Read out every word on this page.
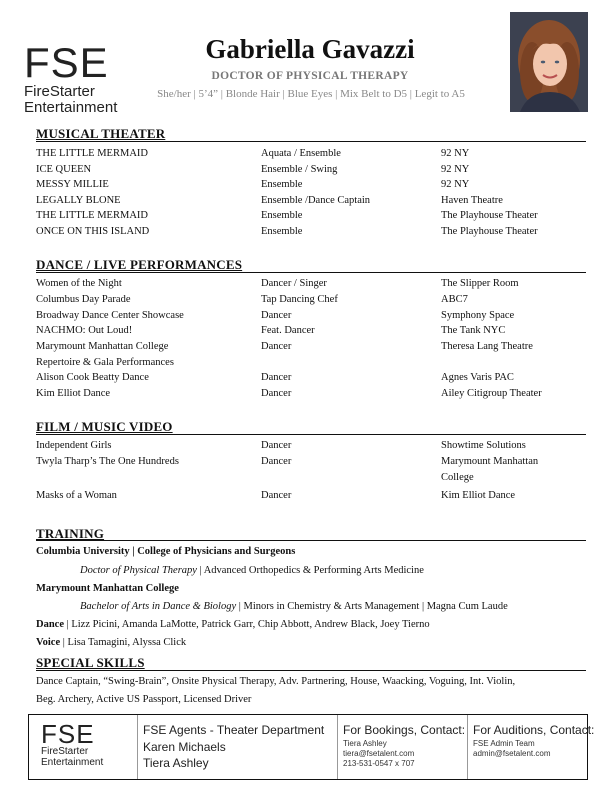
FSE
FireStarter
Entertainment
Gabriella Gavazzi
DOCTOR OF PHYSICAL THERAPY
She/her | 5’4” | Blonde Hair | Blue Eyes | Mix Belt to D5 | Legit to A5
MUSICAL THEATER
THE LITTLE MERMAID	Aquata / Ensemble	92 NY
ICE QUEEN	Ensemble / Swing	92 NY
MESSY MILLIE	Ensemble	92 NY
LEGALLY BLONE	Ensemble /Dance Captain	Haven Theatre
THE LITTLE MERMAID	Ensemble	The Playhouse Theater
ONCE ON THIS ISLAND	Ensemble	The Playhouse Theater
DANCE / LIVE PERFORMANCES
Women of the Night	Dancer / Singer	The Slipper Room
Columbus Day Parade	Tap Dancing Chef	ABC7
Broadway Dance Center Showcase	Dancer	Symphony Space
NACHMO: Out Loud!	Feat. Dancer	The Tank NYC
Marymount Manhattan College	Dancer	Theresa Lang Theatre
Repertoire & Gala Performances
Alison Cook Beatty Dance	Dancer	Agnes Varis PAC
Kim Elliot Dance	Dancer	Ailey Citigroup Theater
FILM / MUSIC VIDEO
Independent Girls	Dancer	Showtime Solutions
Twyla Tharp’s The One Hundreds	Dancer	Marymount Manhattan
College
Masks of a Woman	Dancer	Kim Elliot Dance
TRAINING
Columbia University | College of Physicians and Surgeons
Doctor of Physical Therapy | Advanced Orthopedics & Performing Arts Medicine
Marymount Manhattan College
Bachelor of Arts in Dance & Biology | Minors in Chemistry & Arts Management | Magna Cum Laude
Dance | Lizz Picini, Amanda LaMotte, Patrick Garr, Chip Abbott, Andrew Black, Joey Tierno
Voice | Lisa Tamagini, Alyssa Click
SPECIAL SKILLS
Dance Captain, “Swing-Brain”, Onsite Physical Therapy, Adv. Partnering, House, Waacking, Voguing, Int. Violin,
Beg. Archery, Active US Passport, Licensed Driver
FSE
FireStarter
Entertainment
FSE Agents - Theater Department
Karen Michaels
Tiera Ashley
For Bookings, Contact:
Tiera Ashley
tiera@fsetalent.com
213-531-0547 x 707
For Auditions, Contact:
FSE Admin Team
admin@fsetalent.com
